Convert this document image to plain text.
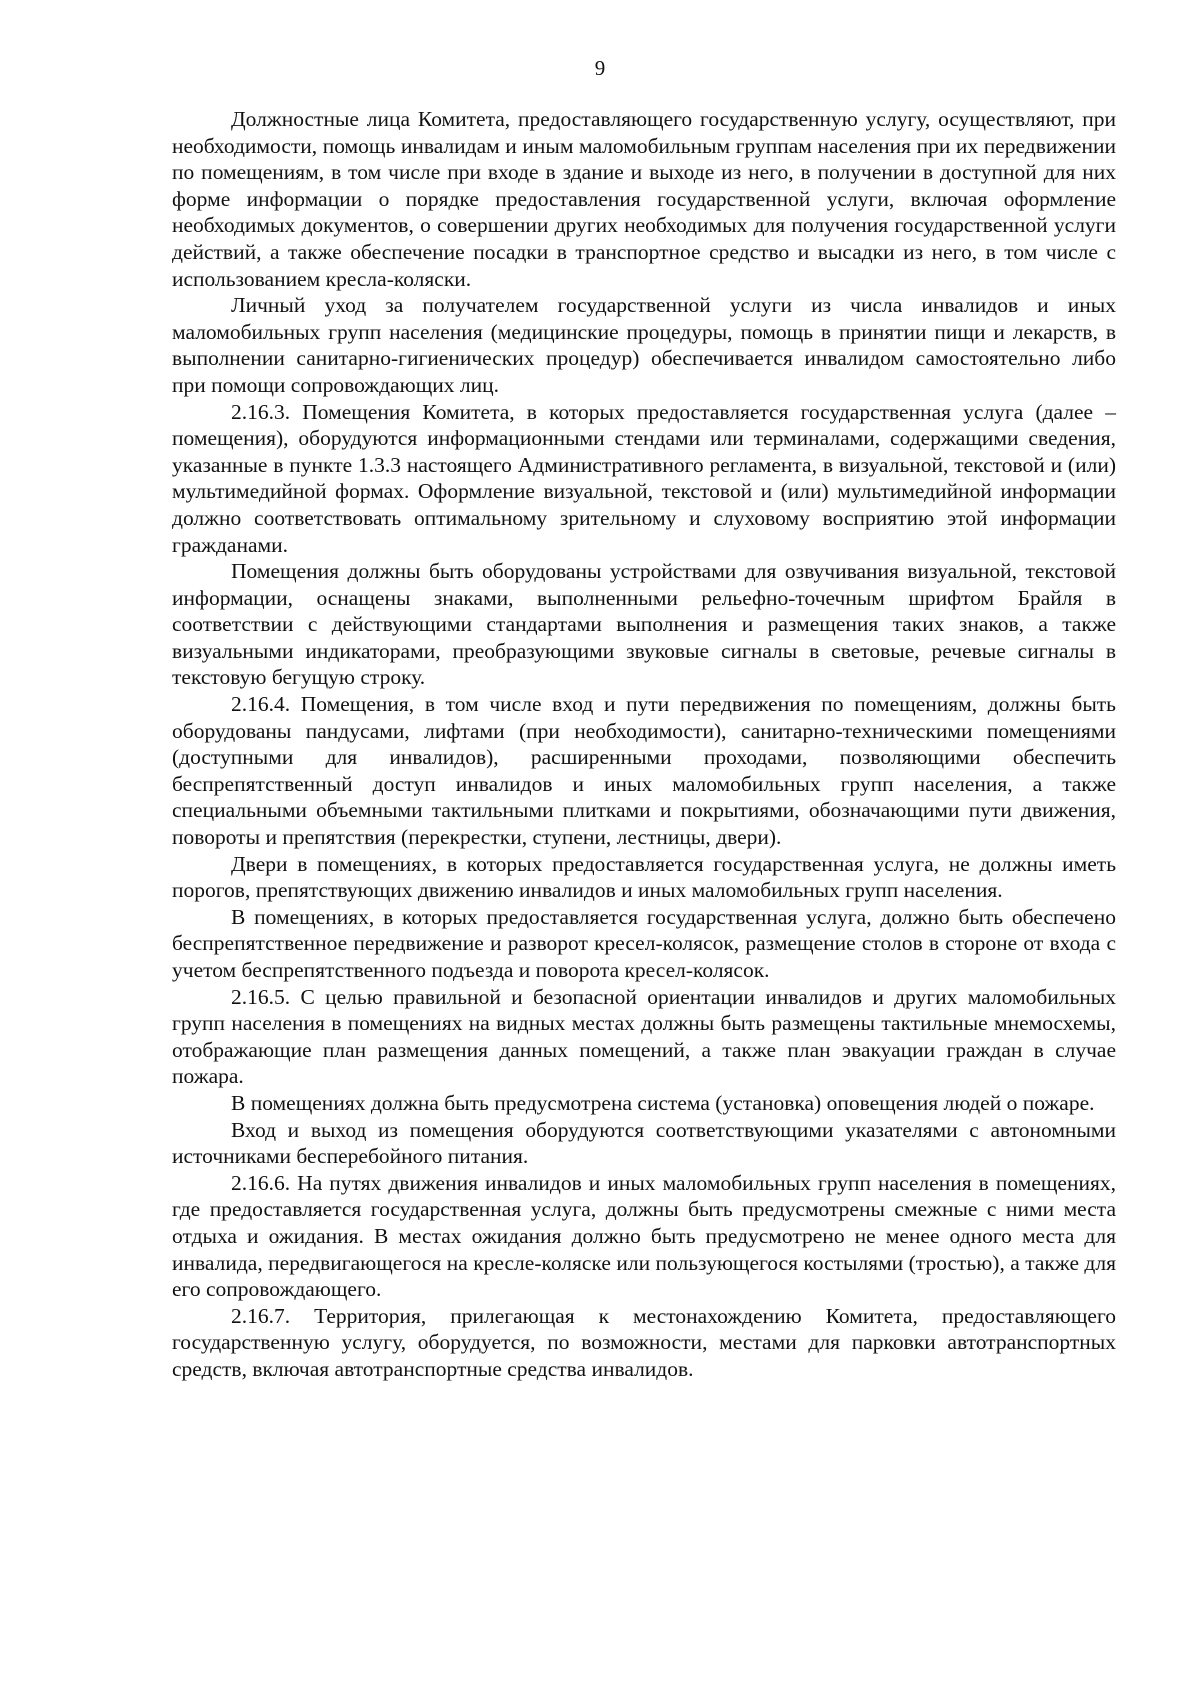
9

Должностные лица Комитета, предоставляющего государственную услугу, осуществляют, при необходимости, помощь инвалидам и иным маломобильным группам населения при их передвижении по помещениям, в том числе при входе в здание и выходе из него, в получении в доступной для них форме информации о порядке предоставления государственной услуги, включая оформление необходимых документов, о совершении других необходимых для получения государственной услуги действий, а также обеспечение посадки в транспортное средство и высадки из него, в том числе с использованием кресла-коляски.

Личный уход за получателем государственной услуги из числа инвалидов и иных маломобильных групп населения (медицинские процедуры, помощь в принятии пищи и лекарств, в выполнении санитарно-гигиенических процедур) обеспечивается инвалидом самостоятельно либо при помощи сопровождающих лиц.

2.16.3. Помещения Комитета, в которых предоставляется государственная услуга (далее – помещения), оборудуются информационными стендами или терминалами, содержащими сведения, указанные в пункте 1.3.3 настоящего Административного регламента, в визуальной, текстовой и (или) мультимедийной формах. Оформление визуальной, текстовой и (или) мультимедийной информации должно соответствовать оптимальному зрительному и слуховому восприятию этой информации гражданами.

Помещения должны быть оборудованы устройствами для озвучивания визуальной, текстовой информации, оснащены знаками, выполненными рельефно-точечным шрифтом Брайля в соответствии с действующими стандартами выполнения и размещения таких знаков, а также визуальными индикаторами, преобразующими звуковые сигналы в световые, речевые сигналы в текстовую бегущую строку.

2.16.4. Помещения, в том числе вход и пути передвижения по помещениям, должны быть оборудованы пандусами, лифтами (при необходимости), санитарно-техническими помещениями (доступными для инвалидов), расширенными проходами, позволяющими обеспечить беспрепятственный доступ инвалидов и иных маломобильных групп населения, а также специальными объемными тактильными плитками и покрытиями, обозначающими пути движения, повороты и препятствия (перекрестки, ступени, лестницы, двери).

Двери в помещениях, в которых предоставляется государственная услуга, не должны иметь порогов, препятствующих движению инвалидов и иных маломобильных групп населения.

В помещениях, в которых предоставляется государственная услуга, должно быть обеспечено беспрепятственное передвижение и разворот кресел-колясок, размещение столов в стороне от входа с учетом беспрепятственного подъезда и поворота кресел-колясок.

2.16.5. С целью правильной и безопасной ориентации инвалидов и других маломобильных групп населения в помещениях на видных местах должны быть размещены тактильные мнемосхемы, отображающие план размещения данных помещений, а также план эвакуации граждан в случае пожара.

В помещениях должна быть предусмотрена система (установка) оповещения людей о пожаре.

Вход и выход из помещения оборудуются соответствующими указателями с автономными источниками бесперебойного питания.

2.16.6. На путях движения инвалидов и иных маломобильных групп населения в помещениях, где предоставляется государственная услуга, должны быть предусмотрены смежные с ними места отдыха и ожидания. В местах ожидания должно быть предусмотрено не менее одного места для инвалида, передвигающегося на кресле-коляске или пользующегося костылями (тростью), а также для его сопровождающего.

2.16.7. Территория, прилегающая к местонахождению Комитета, предоставляющего государственную услугу, оборудуется, по возможности, местами для парковки автотранспортных средств, включая автотранспортные средства инвалидов.
